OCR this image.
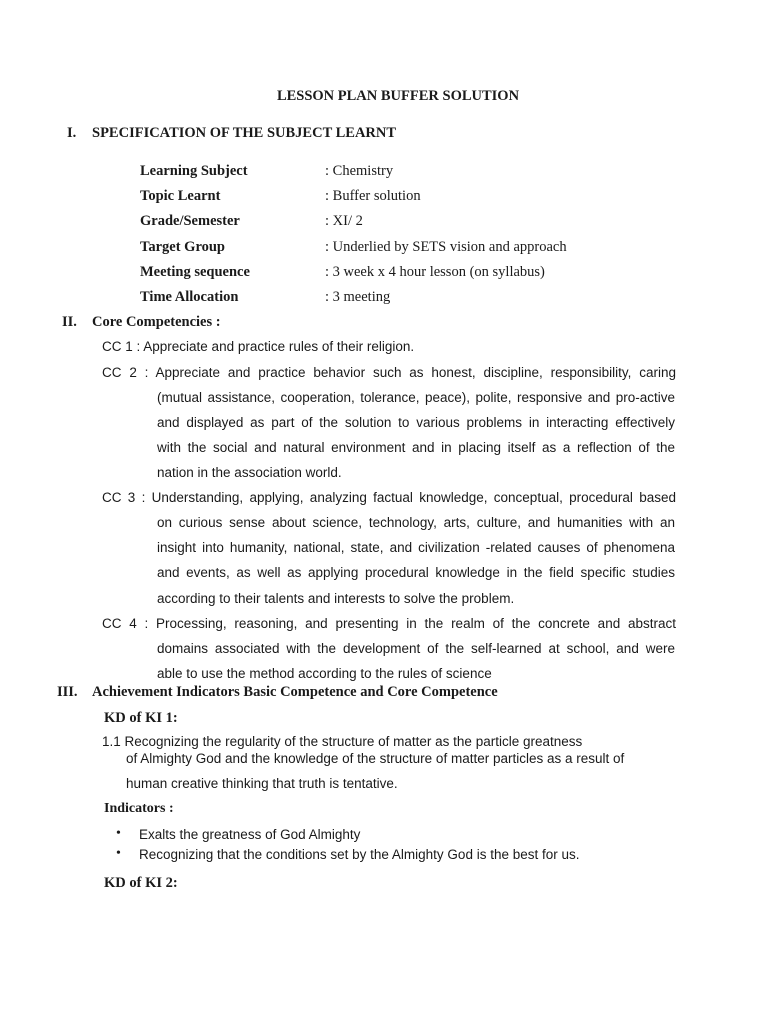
LESSON PLAN BUFFER SOLUTION
I. SPECIFICATION OF THE SUBJECT LEARNT
Learning Subject	: Chemistry
Topic Learnt	: Buffer solution
Grade/Semester	: XI/ 2
Target Group	: Underlied by SETS vision and approach
Meeting sequence	: 3 week x 4 hour lesson (on syllabus)
Time Allocation	: 3 meeting
II. Core Competencies :
CC 1 : Appreciate and practice rules of their religion.
CC 2 : Appreciate and practice behavior such as honest, discipline, responsibility, caring
(mutual assistance, cooperation, tolerance, peace), polite, responsive and pro-active
and displayed as part of the solution to various problems in interacting effectively
with the social and natural environment and in placing itself as a reflection of the
nation in the association world.
CC 3 : Understanding, applying, analyzing factual knowledge, conceptual, procedural based
on curious sense about science, technology, arts, culture, and humanities with an
insight into humanity, national, state, and civilization -related causes of phenomena
and events, as well as applying procedural knowledge in the field specific studies
according to their talents and interests to solve the problem.
CC 4 : Processing, reasoning, and presenting in the realm of the concrete and abstract
domains associated with the development of the self-learned at school, and were
able to use the method according to the rules of science
III. Achievement Indicators Basic Competence and Core Competence
KD of KI 1:
1.1 Recognizing the regularity of the structure of matter as the particle greatness
of Almighty God and the knowledge of the structure of matter particles as a result of
human creative thinking that truth is tentative.
Indicators :
• Exalts the greatness of God Almighty
• Recognizing that the conditions set by the Almighty God is the best for us.
KD of KI 2:
